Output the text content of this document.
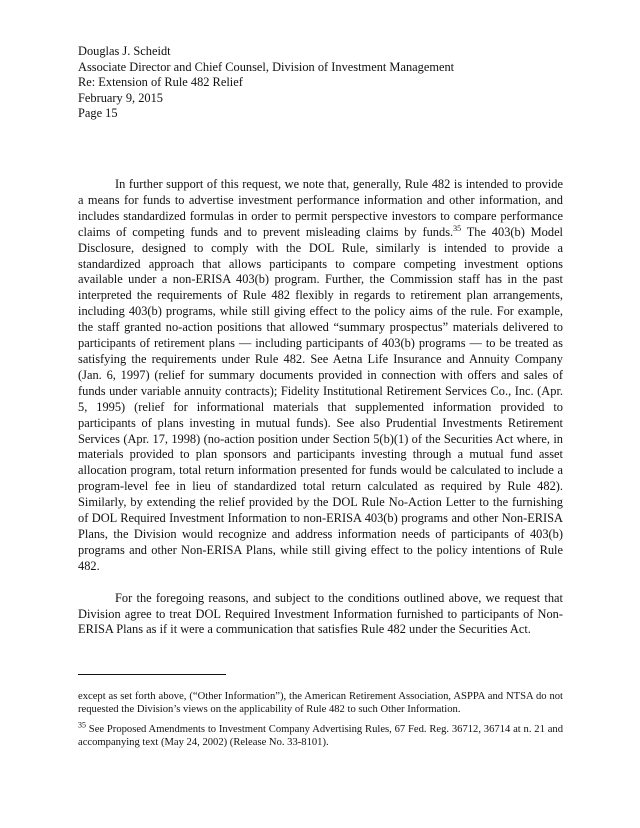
Douglas J. Scheidt
Associate Director and Chief Counsel, Division of Investment Management
Re: Extension of Rule 482 Relief
February 9, 2015
Page 15

In further support of this request, we note that, generally, Rule 482 is intended to provide a means for funds to advertise investment performance information and other information, and includes standardized formulas in order to permit perspective investors to compare performance claims of competing funds and to prevent misleading claims by funds.$^{35}$ The 403(b) Model Disclosure, designed to comply with the DOL Rule, similarly is intended to provide a standardized approach that allows participants to compare competing investment options available under a non-ERISA 403(b) program. Further, the Commission staff has in the past interpreted the requirements of Rule 482 flexibly in regards to retirement plan arrangements, including 403(b) programs, while still giving effect to the policy aims of the rule. For example, the staff granted no-action positions that allowed “summary prospectus” materials delivered to participants of retirement plans — including participants of 403(b) programs — to be treated as satisfying the requirements under Rule 482. See Aetna Life Insurance and Annuity Company (Jan. 6, 1997) (relief for summary documents provided in connection with offers and sales of funds under variable annuity contracts); Fidelity Institutional Retirement Services Co., Inc. (Apr. 5, 1995) (relief for informational materials that supplemented information provided to participants of plans investing in mutual funds). See also Prudential Investments Retirement Services (Apr. 17, 1998) (no-action position under Section 5(b)(1) of the Securities Act where, in materials provided to plan sponsors and participants investing through a mutual fund asset allocation program, total return information presented for funds would be calculated to include a program-level fee in lieu of standardized total return calculated as required by Rule 482). Similarly, by extending the relief provided by the DOL Rule No-Action Letter to the furnishing of DOL Required Investment Information to non-ERISA 403(b) programs and other Non-ERISA Plans, the Division would recognize and address information needs of participants of 403(b) programs and other Non-ERISA Plans, while still giving effect to the policy intentions of Rule 482.

For the foregoing reasons, and subject to the conditions outlined above, we request that Division agree to treat DOL Required Investment Information furnished to participants of Non-ERISA Plans as if it were a communication that satisfies Rule 482 under the Securities Act.

except as set forth above, (“Other Information”), the American Retirement Association, ASPPA and NTSA do not requested the Division’s views on the applicability of Rule 482 to such Other Information.

$^{35}$ See Proposed Amendments to Investment Company Advertising Rules, 67 Fed. Reg. 36712, 36714 at n. 21 and accompanying text (May 24, 2002) (Release No. 33-8101).
